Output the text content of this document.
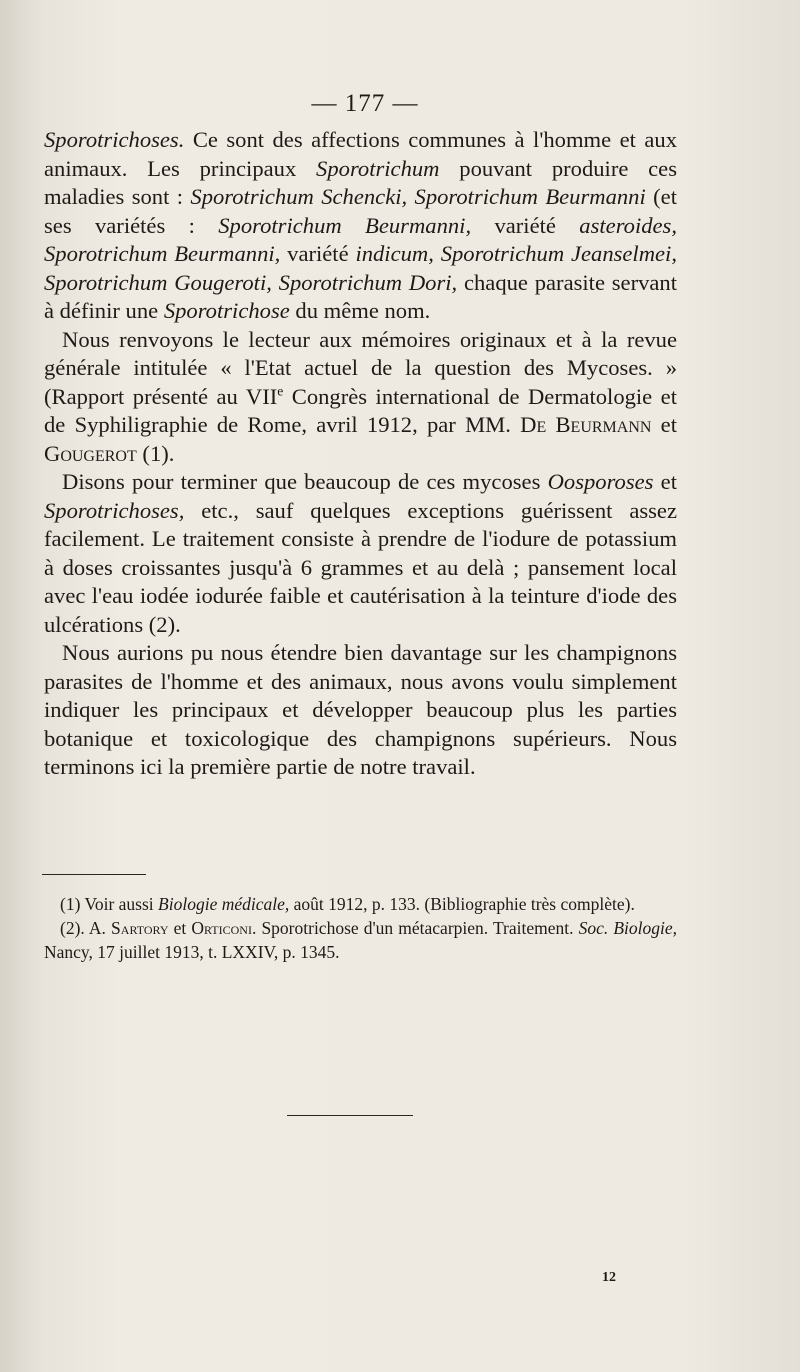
— 177 —

Sporotrichoses. Ce sont des affections communes à l'homme et aux animaux. Les principaux Sporotrichum pouvant produire ces maladies sont : Sporotrichum Schencki, Sporotrichum Beurmanni (et ses variétés : Sporotrichum Beurmanni, variété asteroides, Sporotrichum Beurmanni, variété indicum, Sporotrichum Jeanselmei, Sporotrichum Gougeroti, Sporotrichum Dori, chaque parasite servant à définir une Sporotrichose du même nom.

Nous renvoyons le lecteur aux mémoires originaux et à la revue générale intitulée « l'Etat actuel de la question des Mycoses. » (Rapport présenté au VIIe Congrès international de Dermatologie et de Syphiligraphie de Rome, avril 1912, par MM. De Beurmann et Gougerot (1).

Disons pour terminer que beaucoup de ces mycoses Oosporoses et Sporotrichoses, etc., sauf quelques exceptions guérissent assez facilement. Le traitement consiste à prendre de l'iodure de potassium à doses croissantes jusqu'à 6 grammes et au delà ; pansement local avec l'eau iodée iodurée faible et cautérisation à la teinture d'iode des ulcérations (2).

Nous aurions pu nous étendre bien davantage sur les champignons parasites de l'homme et des animaux, nous avons voulu simplement indiquer les principaux et développer beaucoup plus les parties botanique et toxicologique des champignons supérieurs. Nous terminons ici la première partie de notre travail.

(1) Voir aussi Biologie médicale, août 1912, p. 133. (Bibliographie très complète).

(2). A. Sartory et Orticoni. Sporotrichose d'un métacarpien. Traitement. Soc. Biologie, Nancy, 17 juillet 1913, t. LXXIV, p. 1345.

12
